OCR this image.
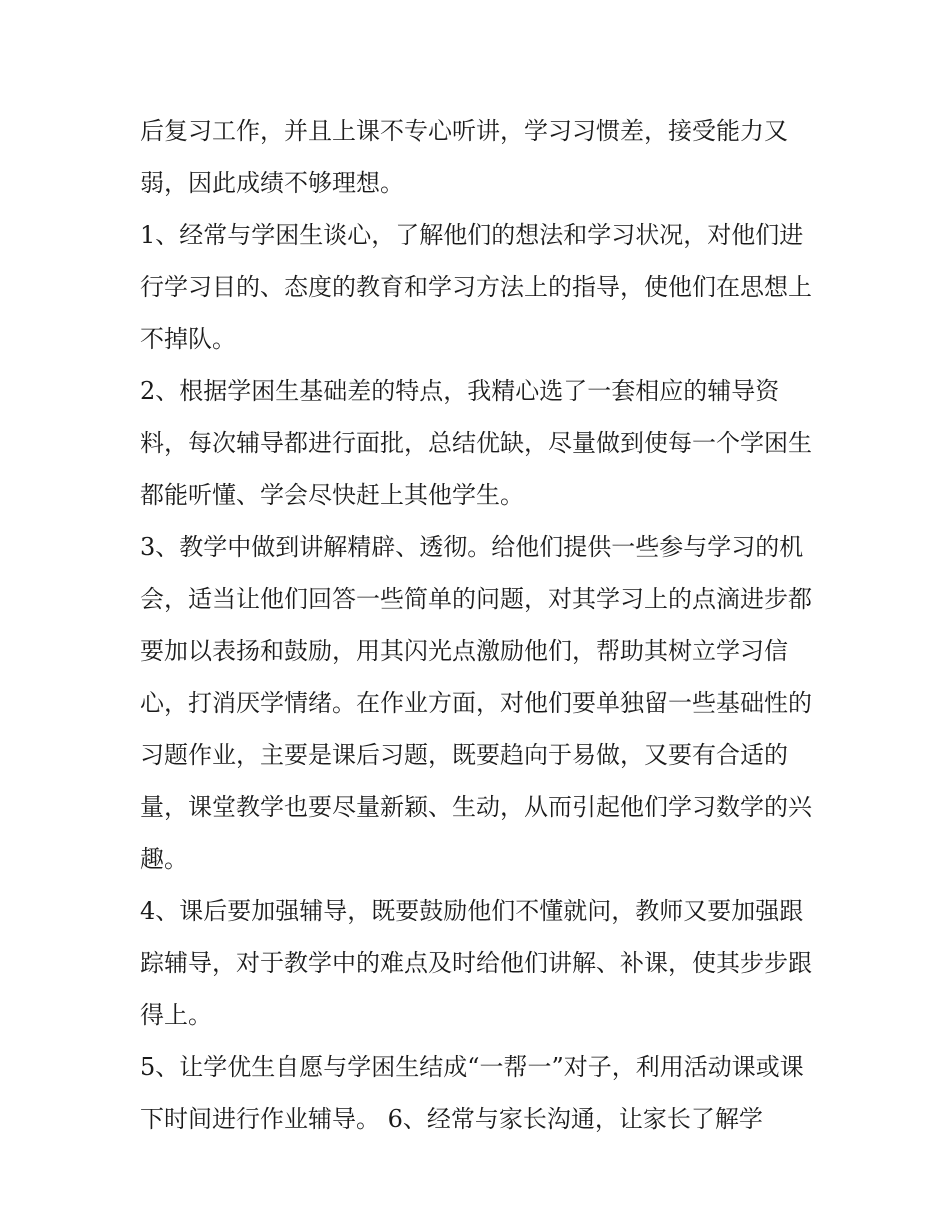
后复习工作，并且上课不专心听讲，学习习惯差，接受能力又弱，因此成绩不够理想。

1、经常与学困生谈心，了解他们的想法和学习状况，对他们进行学习目的、态度的教育和学习方法上的指导，使他们在思想上不掉队。

2、根据学困生基础差的特点，我精心选了一套相应的辅导资料，每次辅导都进行面批，总结优缺，尽量做到使每一个学困生都能听懂、学会尽快赶上其他学生。

3、教学中做到讲解精辟、透彻。给他们提供一些参与学习的机会，适当让他们回答一些简单的问题，对其学习上的点滴进步都要加以表扬和鼓励，用其闪光点激励他们，帮助其树立学习信心，打消厌学情绪。在作业方面，对他们要单独留一些基础性的习题作业，主要是课后习题，既要趋向于易做，又要有合适的量，课堂教学也要尽量新颖、生动，从而引起他们学习数学的兴趣。

4、课后要加强辅导，既要鼓励他们不懂就问，教师又要加强跟踪辅导，对于教学中的难点及时给他们讲解、补课，使其步步跟得上。

5、让学优生自愿与学困生结成“一帮一”对子，利用活动课或课下时间进行作业辅导。 6、经常与家长沟通，让家长了解学
